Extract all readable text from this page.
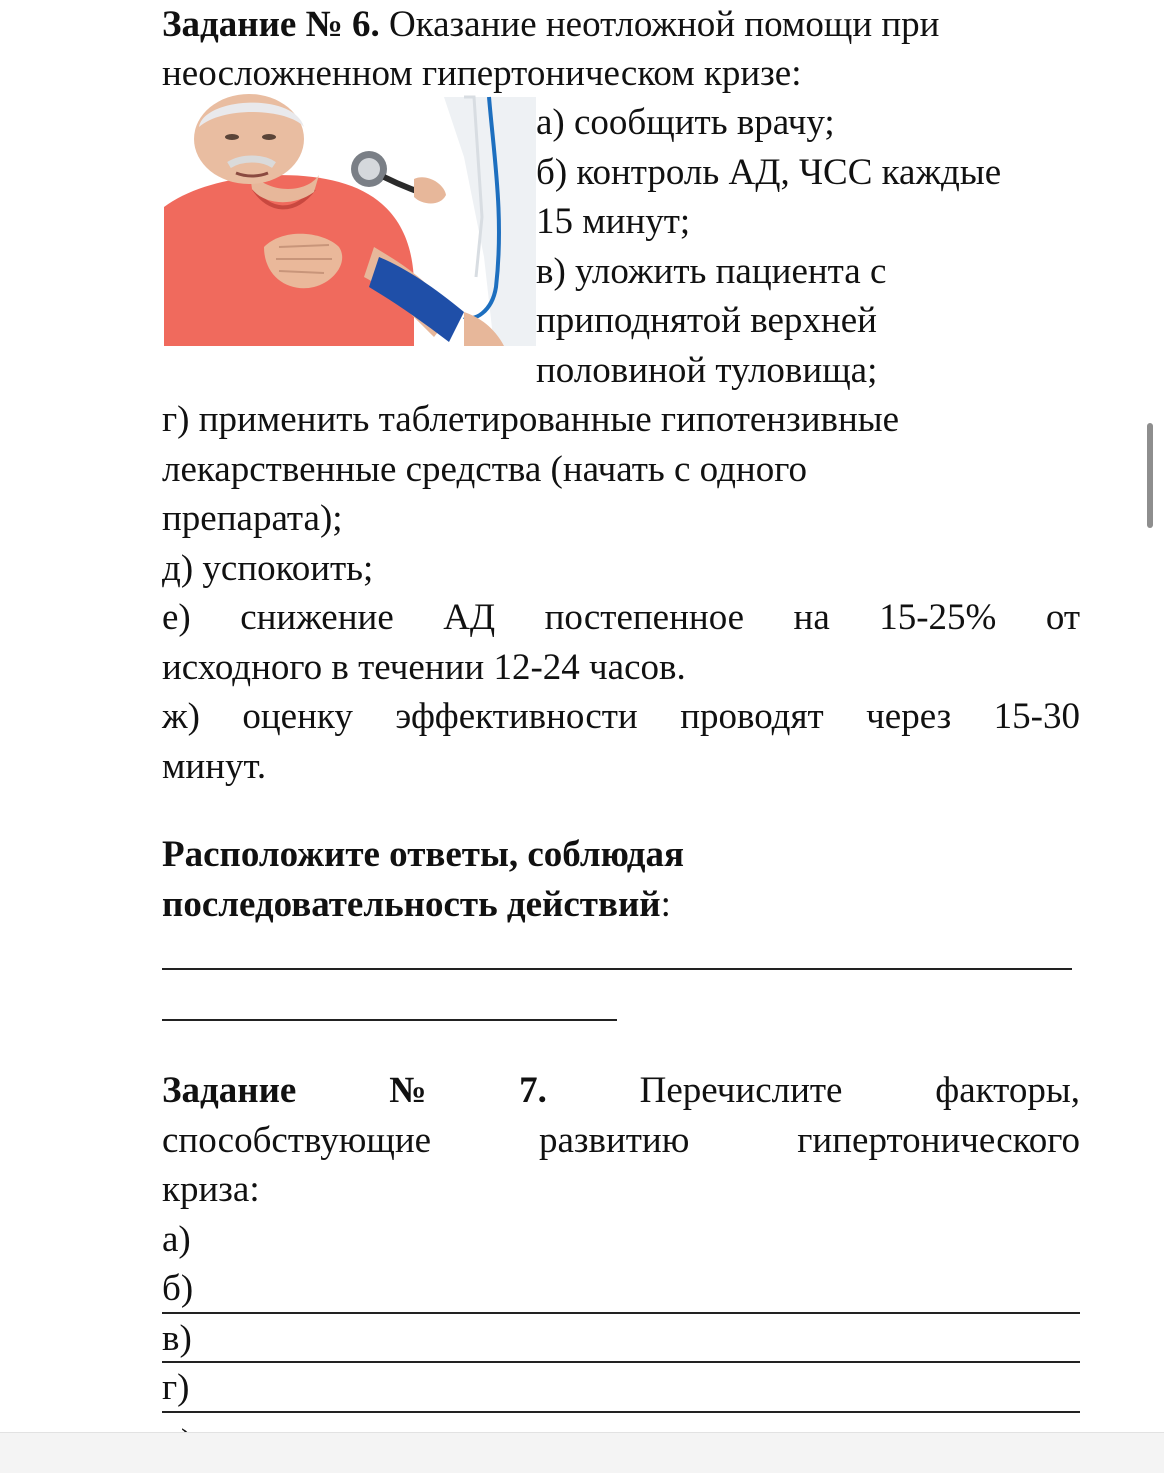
Задание № 6. Оказание неотложной помощи при
неосложненном гипертоническом кризе:
а) сообщить врачу;
б) контроль АД, ЧСС каждые
15 минут;
в) уложить пациента с
приподнятой верхней
половиной туловища;
г) применить таблетированные гипотензивные
лекарственные средства (начать с одного
препарата);
д) успокоить;
е) снижение АД постепенное на 15-25% от
исходного в течении 12-24 часов.
ж) оценку эффективности проводят через 15-30
минут.
Расположите ответы, соблюдая
последовательность действий:
Задание	№	7.	Перечислите	факторы,
способствующие	развитию	гипертонического
криза:
а)
б)
в)
г)
